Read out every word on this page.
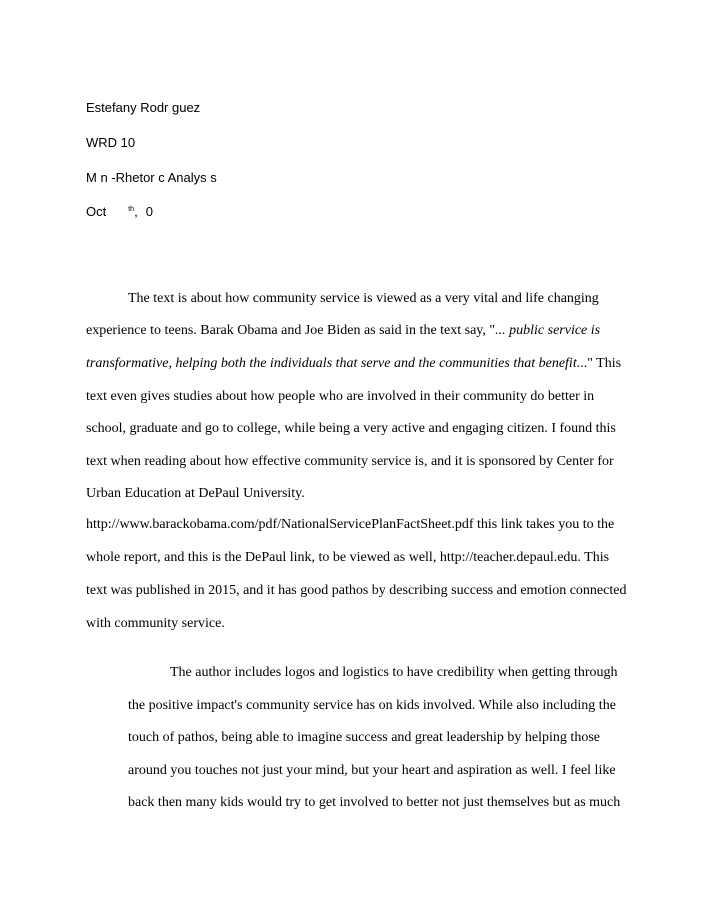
Estefany Rodr guez

WRD 10

M n -Rhetor c Analys s

Oct	$^{th}$, 0

The text is about how community service is viewed as a very vital and life changing

experience to teens. Barak Obama and Joe Biden as said in the text say, "... public service is

transformative, helping both the individuals that serve and the communities that benefit..." This

text even gives studies about how people who are involved in their community do better in

school, graduate and go to college, while being a very active and engaging citizen. I found this

text when reading about how effective community service is, and it is sponsored by Center for

Urban Education at DePaul University.

http://www.barackobama.com/pdf/NationalServicePlanFactSheet.pdf this link takes you to the

whole report, and this is the DePaul link, to be viewed as well, http://teacher.depaul.edu. This

text was published in 2015, and it has good pathos by describing success and emotion connected

with community service.

The author includes logos and logistics to have credibility when getting through

the positive impact's community service has on kids involved. While also including the

touch of pathos, being able to imagine success and great leadership by helping those

around you touches not just your mind, but your heart and aspiration as well. I feel like

back then many kids would try to get involved to better not just themselves but as much
